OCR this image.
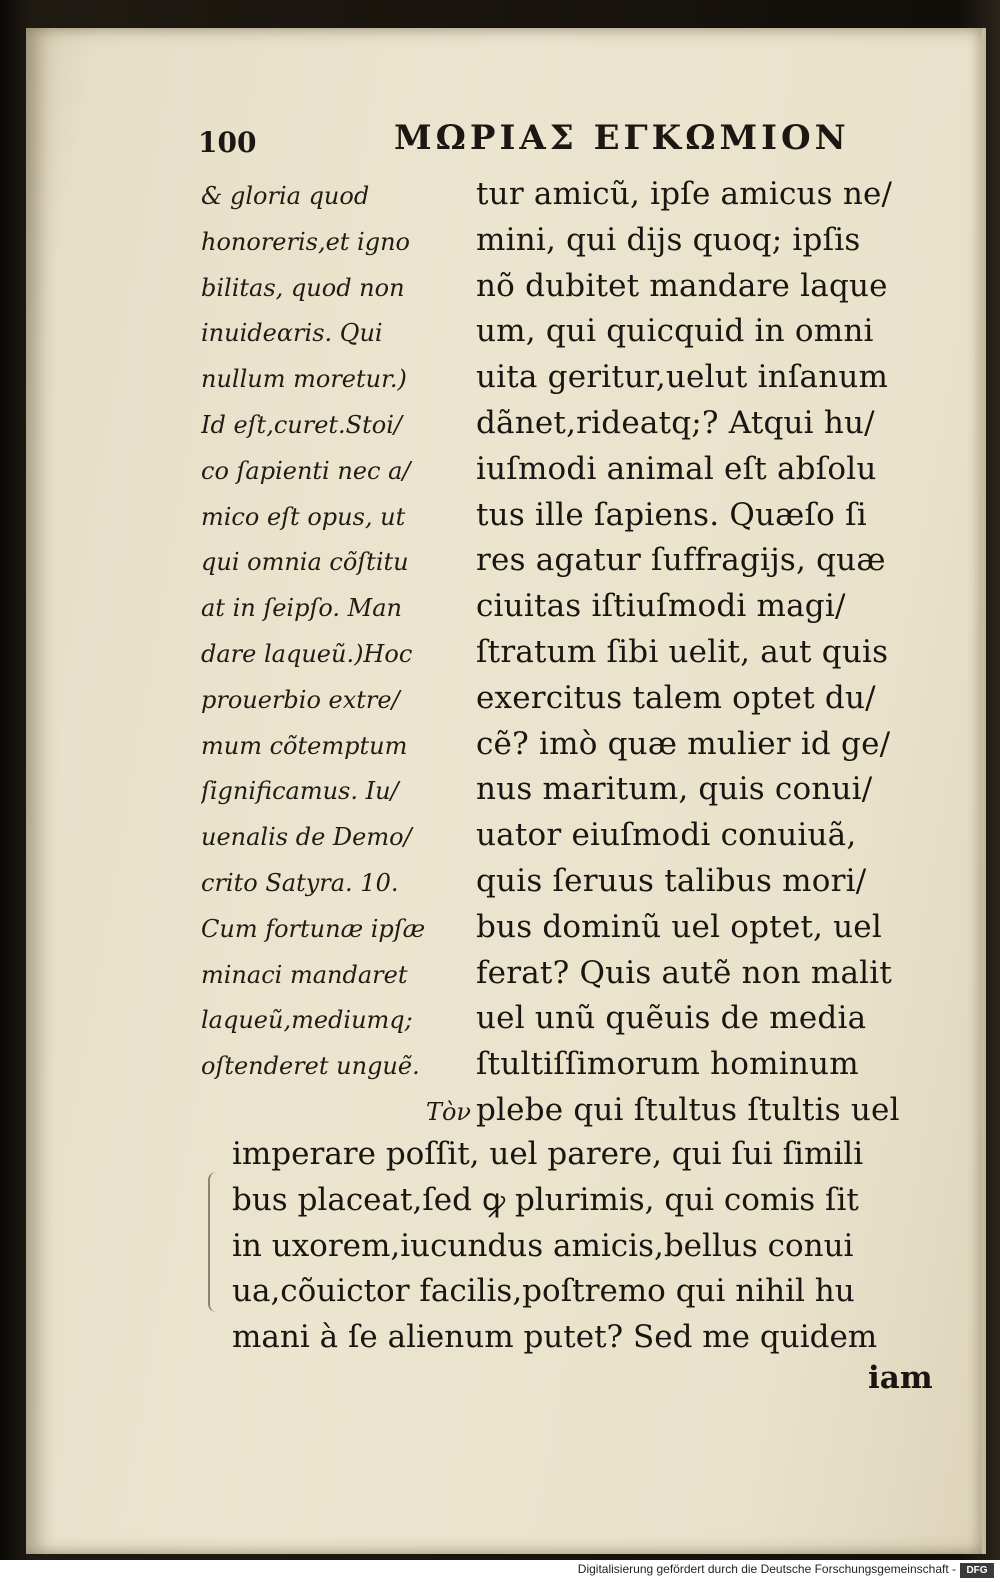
100	ΜΩΡΙΑΣ ΕΓΚΩΜΙΟΝ
& gloria quod
honoreris,et igno
bilitas, quod non
inuideαris. Qui
nullum moretur.)
Id eſt,curet.Stoi/
co ſapienti nec a/
mico eſt opus, ut
qui omnia cõſtitu
at in ſeipſo. Man
dare laqueũ.)Hoc
prouerbio extre/
mum cõtemptum
ſignificamus. Iu/
uenalis de Demo/
crito Satyra. 10.
Cum fortunæ ipſæ
minaci mandaret
laqueũ,mediumq;
oſtenderet unguẽ.
Τὸν
tur amicũ, ipſe amicus ne/
mini, qui dijs quoq; ipſis
nõ dubitet mandare laque
um, qui quicquid in omni
uita geritur,uelut inſanum
dãnet,rideatq;? Atqui hu/
iuſmodi animal eſt abſolu
tus ille ſapiens. Quæſo ſi
res agatur ſuffragijs, quæ
ciuitas iſtiuſmodi magi/
ſtratum ſibi uelit, aut quis
exercitus talem optet du/
cẽ? imò quæ mulier id ge/
nus maritum, quis conui/
uator eiuſmodi conuiuã,
quis ſeruus talibus mori/
bus dominũ uel optet, uel
ferat? Quis autẽ non malit
uel unũ quẽuis de media
ſtultiſſimorum hominum
plebe qui ſtultus ſtultis uel
imperare poſſit, uel parere, qui ſui ſimili
bus placeat,ſed ꝙ plurimis, qui comis ſit
in uxorem,iucundus amicis,bellus conui
ua,cõuictor facilis,poſtremo qui nihil hu
mani à ſe alienum putet? Sed me quidem
iam
Digitalisierung gefördert durch die Deutsche Forschungsgemeinschaft -	DFG
